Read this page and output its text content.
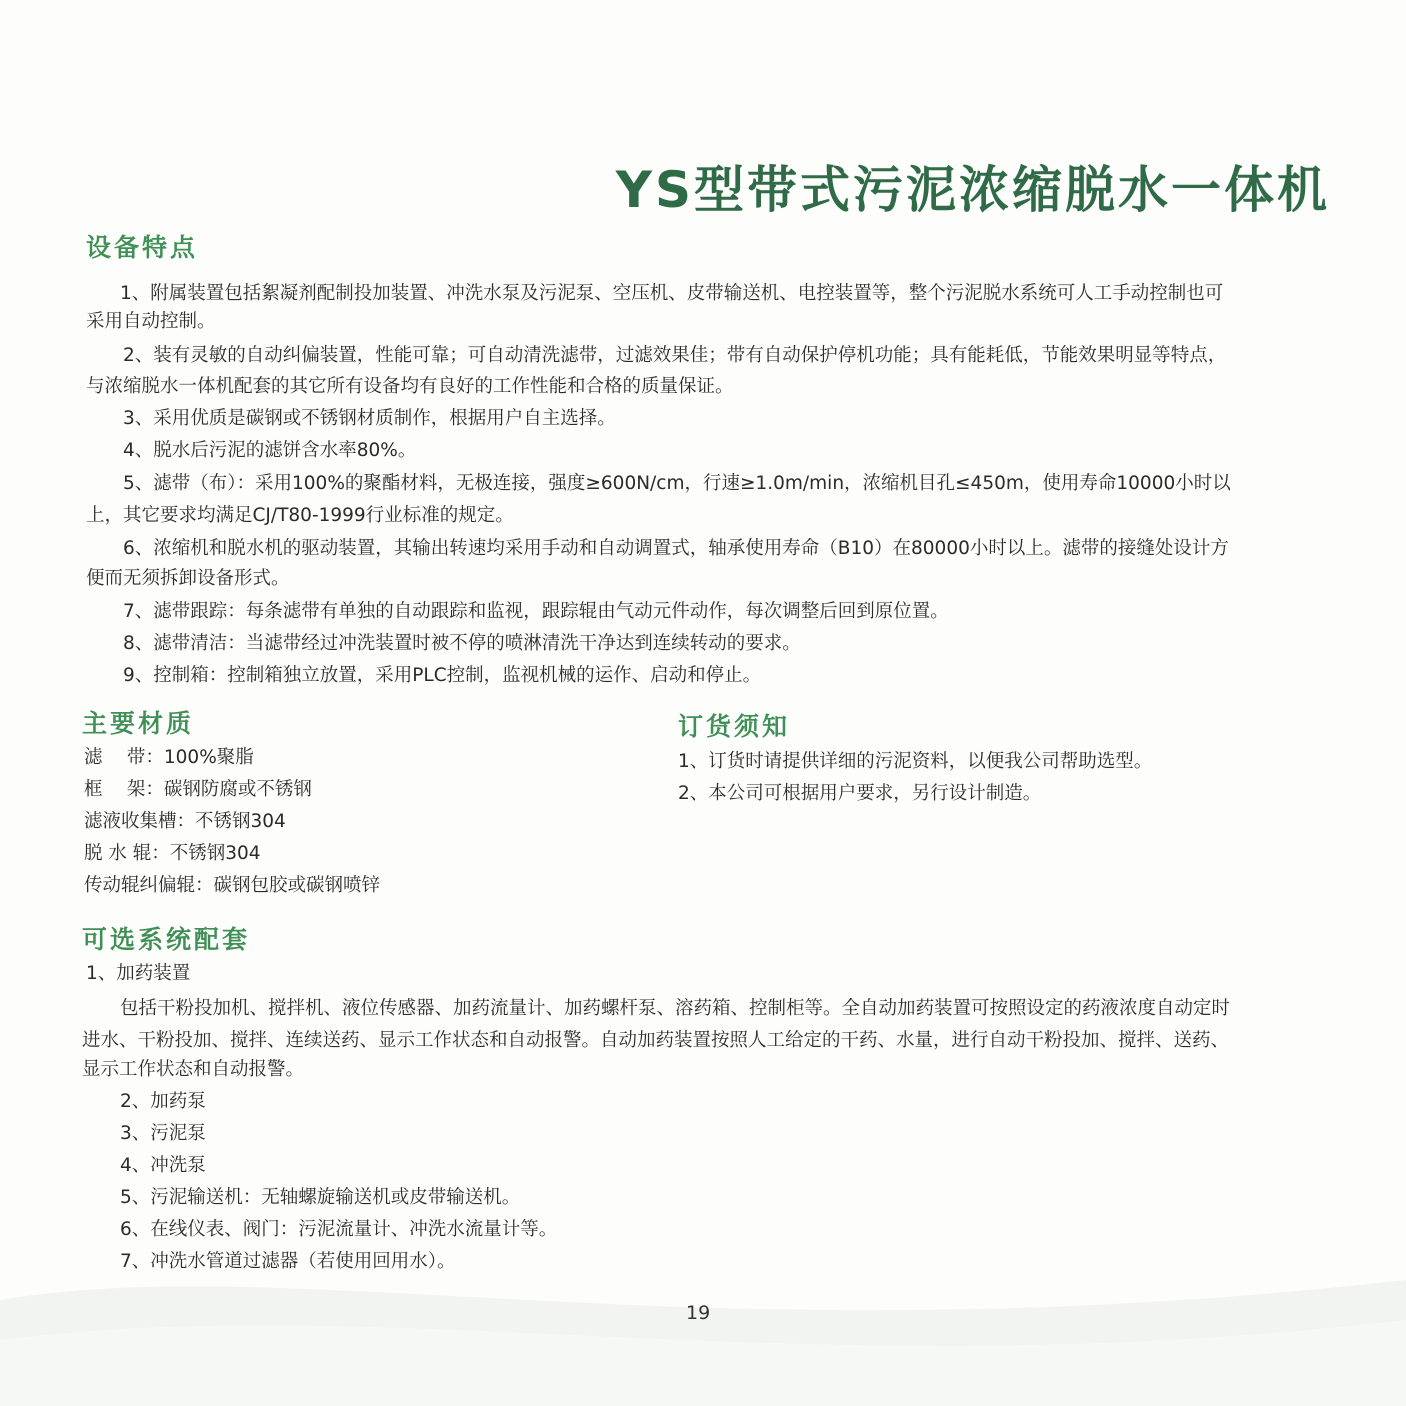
YS型带式污泥浓缩脱水一体机
设备特点
1、附属装置包括絮凝剂配制投加装置、冲洗水泵及污泥泵、空压机、皮带输送机、电控装置等，整个污泥脱水系统可人工手动控制也可
采用自动控制。
2、装有灵敏的自动纠偏装置，性能可靠；可自动清洗滤带，过滤效果佳；带有自动保护停机功能；具有能耗低，节能效果明显等特点，
与浓缩脱水一体机配套的其它所有设备均有良好的工作性能和合格的质量保证。
3、采用优质是碳钢或不锈钢材质制作，根据用户自主选择。
4、脱水后污泥的滤饼含水率80%。
5、滤带（布）：采用100%的聚酯材料，无极连接，强度≥600N/cm，行速≥1.0m/min，浓缩机目孔≤450m，使用寿命10000小时以
上，其它要求均满足CJ/T80-1999行业标准的规定。
6、浓缩机和脱水机的驱动装置，其输出转速均采用手动和自动调置式，轴承使用寿命（B10）在80000小时以上。滤带的接缝处设计方
便而无须拆卸设备形式。
7、滤带跟踪：每条滤带有单独的自动跟踪和监视，跟踪辊由气动元件动作，每次调整后回到原位置。
8、滤带清洁：当滤带经过冲洗装置时被不停的喷淋清洗干净达到连续转动的要求。
9、控制箱：控制箱独立放置，采用PLC控制，监视机械的运作、启动和停止。
主要材质
滤　 带：100%聚脂
框　 架：碳钢防腐或不锈钢
滤液收集槽：不锈钢304
脱 水 辊：不锈钢304
传动辊纠偏辊：碳钢包胶或碳钢喷锌
订货须知
1、订货时请提供详细的污泥资料，以便我公司帮助选型。
2、本公司可根据用户要求，另行设计制造。
可选系统配套
1、加药装置
包括干粉投加机、搅拌机、液位传感器、加药流量计、加药螺杆泵、溶药箱、控制柜等。全自动加药装置可按照设定的药液浓度自动定时
进水、干粉投加、搅拌、连续送药、显示工作状态和自动报警。自动加药装置按照人工给定的干药、水量，进行自动干粉投加、搅拌、送药、
显示工作状态和自动报警。
2、加药泵
3、污泥泵
4、冲洗泵
5、污泥输送机：无轴螺旋输送机或皮带输送机。
6、在线仪表、阀门：污泥流量计、冲洗水流量计等。
7、冲洗水管道过滤器（若使用回用水）。
19
